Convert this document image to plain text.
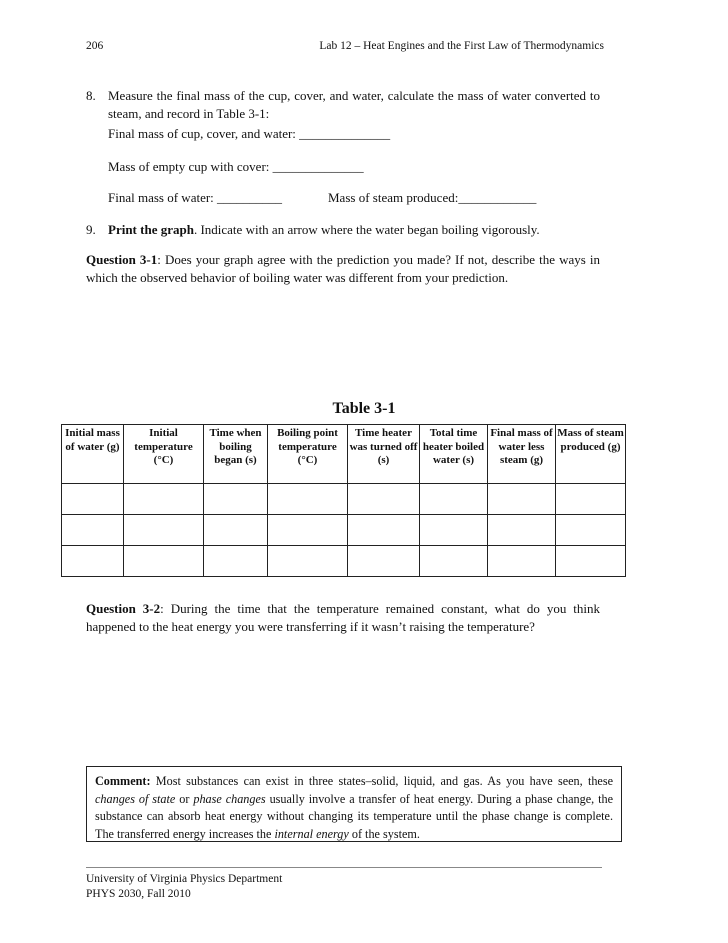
206	Lab 12 – Heat Engines and the First Law of Thermodynamics
8. Measure the final mass of the cup, cover, and water, calculate the mass of water converted to steam, and record in Table 3-1:
Final mass of cup, cover, and water: ______________
Mass of empty cup with cover: ______________
Final mass of water: __________	Mass of steam produced:____________
9. Print the graph. Indicate with an arrow where the water began boiling vigorously.
Question 3-1: Does your graph agree with the prediction you made? If not, describe the ways in which the observed behavior of boiling water was different from your prediction.
Table 3-1
Initial mass of water (g)	Initial temperature (°C)	Time when boiling began (s)	Boiling point temperature (°C)	Time heater was turned off (s)	Total time heater boiled water (s)	Final mass of water less steam (g)	Mass of steam produced (g)

Question 3-2: During the time that the temperature remained constant, what do you think happened to the heat energy you were transferring if it wasn’t raising the temperature?
Comment: Most substances can exist in three states–solid, liquid, and gas. As you have seen, these changes of state or phase changes usually involve a transfer of heat energy. During a phase change, the substance can absorb heat energy without changing its temperature until the phase change is complete. The transferred energy increases the internal energy of the system.
University of Virginia Physics Department
PHYS 2030, Fall 2010
